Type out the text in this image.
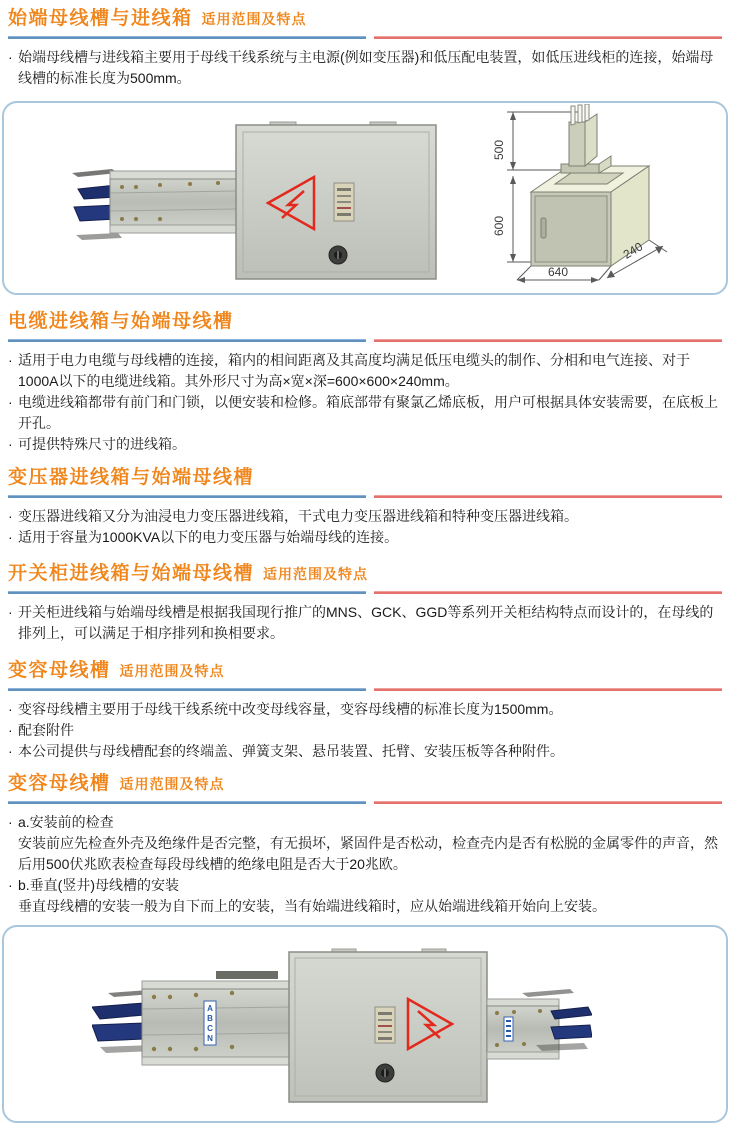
始端母线槽与进线箱 适用范围及特点

· 始端母线槽与进线箱主要用于母线干线系统与主电源(例如变压器)和低压配电装置，如低压进线柜的连接，始端母线槽的标准长度为500mm。

500
600
640
240
电缆进线箱与始端母线槽

· 适用于电力电缆与母线槽的连接，箱内的相间距离及其高度均满足低压电缆头的制作、分相和电气连接、对于1000A以下的电缆进线箱。其外形尺寸为高×宽×深=600×600×240mm。

· 电缆进线箱都带有前门和门锁，以便安装和检修。箱底部带有聚氯乙烯底板，用户可根据具体安装需要，在底板上开孔。

· 可提供特殊尺寸的进线箱。

变压器进线箱与始端母线槽

· 变压器进线箱又分为油浸电力变压器进线箱，干式电力变压器进线箱和特种变压器进线箱。

· 适用于容量为1000KVA以下的电力变压器与始端母线的连接。

开关柜进线箱与始端母线槽 适用范围及特点

· 开关柜进线箱与始端母线槽是根据我国现行推广的MNS、GCK、GGD等系列开关柜结构特点而设计的，在母线的排列上，可以满足于相序排列和换相要求。

变容母线槽 适用范围及特点

· 变容母线槽主要用于母线干线系统中改变母线容量，变容母线槽的标准长度为1500mm。

· 配套附件

· 本公司提供与母线槽配套的终端盖、弹簧支架、悬吊装置、托臂、安装压板等各种附件。

变容母线槽 适用范围及特点

· a.安装前的检查

安装前应先检查外壳及绝缘件是否完整，有无损坏，紧固件是否松动，检查壳内是否有松脱的金属零件的声音，然后用500伏兆欧表检查每段母线槽的绝缘电阻是否大于20兆欧。

· b.垂直(竖井)母线槽的安装

垂直母线槽的安装一般为自下而上的安装，当有始端进线箱时，应从始端进线箱开始向上安装。

A
B
C
N
